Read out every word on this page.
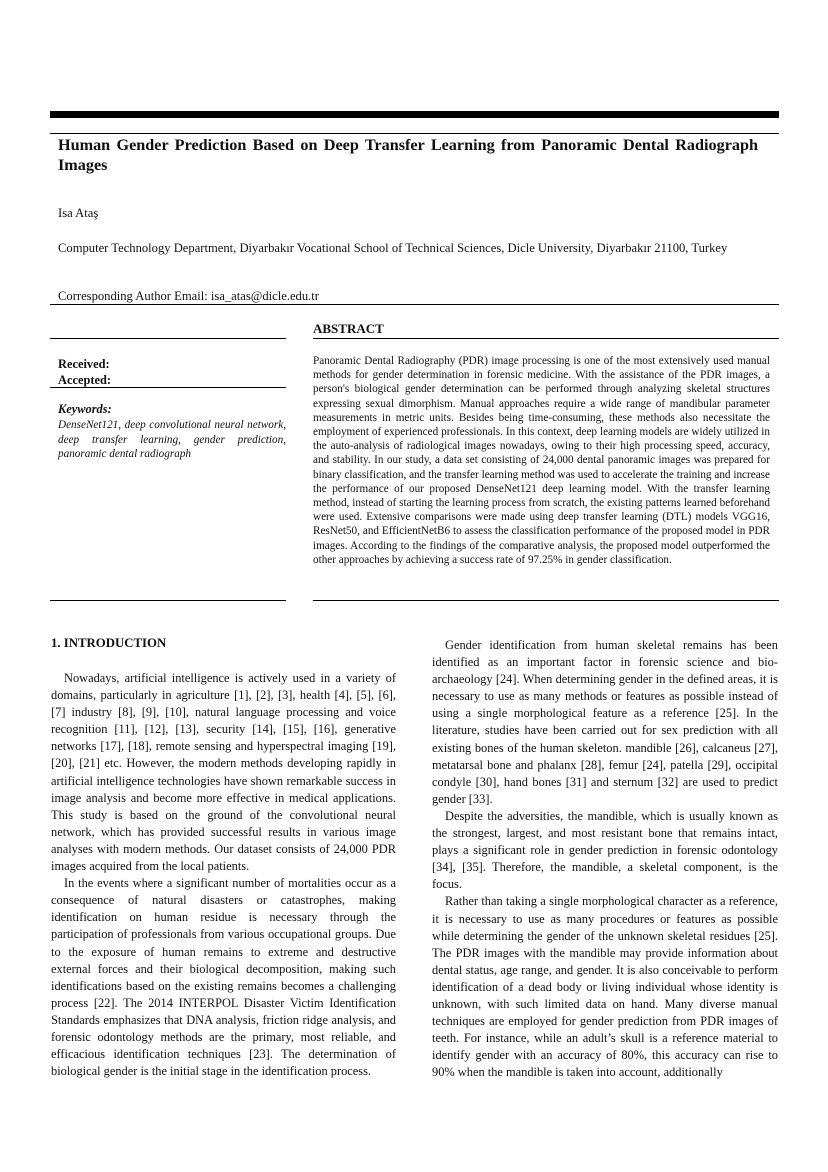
Human Gender Prediction Based on Deep Transfer Learning from Panoramic Dental Radiograph Images
Isa Ataş
Computer Technology Department, Diyarbakır Vocational School of Technical Sciences, Dicle University, Diyarbakır 21100, Turkey
Corresponding Author Email: isa_atas@dicle.edu.tr
Received:
Accepted:
Keywords:
DenseNet121, deep convolutional neural network, deep transfer learning, gender prediction, panoramic dental radiograph
ABSTRACT
Panoramic Dental Radiography (PDR) image processing is one of the most extensively used manual methods for gender determination in forensic medicine. With the assistance of the PDR images, a person's biological gender determination can be performed through analyzing skeletal structures expressing sexual dimorphism. Manual approaches require a wide range of mandibular parameter measurements in metric units. Besides being time-consuming, these methods also necessitate the employment of experienced professionals. In this context, deep learning models are widely utilized in the auto-analysis of radiological images nowadays, owing to their high processing speed, accuracy, and stability. In our study, a data set consisting of 24,000 dental panoramic images was prepared for binary classification, and the transfer learning method was used to accelerate the training and increase the performance of our proposed DenseNet121 deep learning model. With the transfer learning method, instead of starting the learning process from scratch, the existing patterns learned beforehand were used. Extensive comparisons were made using deep transfer learning (DTL) models VGG16, ResNet50, and EfficientNetB6 to assess the classification performance of the proposed model in PDR images. According to the findings of the comparative analysis, the proposed model outperformed the other approaches by achieving a success rate of 97.25% in gender classification.
1. INTRODUCTION

Nowadays, artificial intelligence is actively used in a variety of domains, particularly in agriculture [1], [2], [3], health [4], [5], [6], [7] industry [8], [9], [10], natural language processing and voice recognition [11], [12], [13], security [14], [15], [16], generative networks [17], [18], remote sensing and hyperspectral imaging [19], [20], [21] etc. However, the modern methods developing rapidly in artificial intelligence technologies have shown remarkable success in image analysis and become more effective in medical applications. This study is based on the ground of the convolutional neural network, which has provided successful results in various image analyses with modern methods. Our dataset consists of 24,000 PDR images acquired from the local patients.

In the events where a significant number of mortalities occur as a consequence of natural disasters or catastrophes, making identification on human residue is necessary through the participation of professionals from various occupational groups. Due to the exposure of human remains to extreme and destructive external forces and their biological decomposition, making such identifications based on the existing remains becomes a challenging process [22]. The 2014 INTERPOL Disaster Victim Identification Standards emphasizes that DNA analysis, friction ridge analysis, and forensic odontology methods are the primary, most reliable, and efficacious identification techniques [23]. The determination of biological gender is the initial stage in the identification process.

Gender identification from human skeletal remains has been identified as an important factor in forensic science and bio-archaeology [24]. When determining gender in the defined areas, it is necessary to use as many methods or features as possible instead of using a single morphological feature as a reference [25]. In the literature, studies have been carried out for sex prediction with all existing bones of the human skeleton. mandible [26], calcaneus [27], metatarsal bone and phalanx [28], femur [24], patella [29], occipital condyle [30], hand bones [31] and sternum [32] are used to predict gender [33].

Despite the adversities, the mandible, which is usually known as the strongest, largest, and most resistant bone that remains intact, plays a significant role in gender prediction in forensic odontology [34], [35]. Therefore, the mandible, a skeletal component, is the focus.

Rather than taking a single morphological character as a reference, it is necessary to use as many procedures or features as possible while determining the gender of the unknown skeletal residues [25]. The PDR images with the mandible may provide information about dental status, age range, and gender. It is also conceivable to perform identification of a dead body or living individual whose identity is unknown, with such limited data on hand. Many diverse manual techniques are employed for gender prediction from PDR images of teeth. For instance, while an adult’s skull is a reference material to identify gender with an accuracy of 80%, this accuracy can rise to 90% when the mandible is taken into account, additionally
